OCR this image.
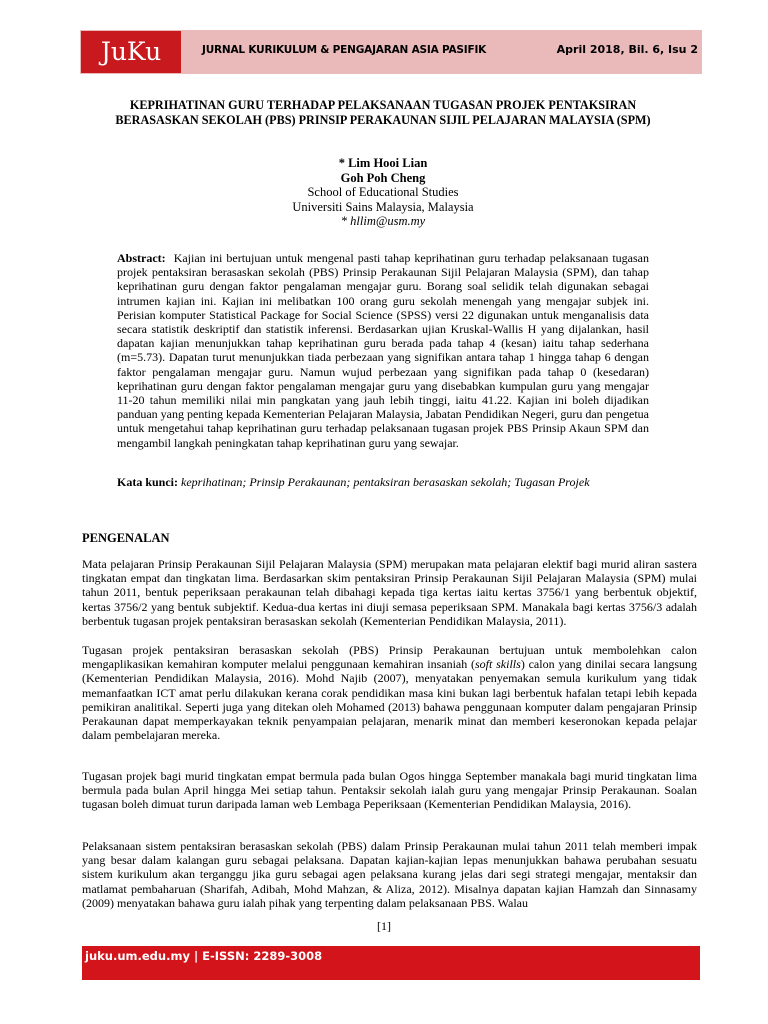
JuKu	JURNAL KURIKULUM & PENGAJARAN ASIA PASIFIK	April 2018, Bil. 6, Isu 2
KEPRIHATINAN GURU TERHADAP PELAKSANAAN TUGASAN PROJEK PENTAKSIRAN BERASASKAN SEKOLAH (PBS) PRINSIP PERAKAUNAN SIJIL PELAJARAN MALAYSIA (SPM)
* Lim Hooi Lian
Goh Poh Cheng
School of Educational Studies
Universiti Sains Malaysia, Malaysia
* hllim@usm.my
Abstract: Kajian ini bertujuan untuk mengenal pasti tahap keprihatinan guru terhadap pelaksanaan tugasan projek pentaksiran berasaskan sekolah (PBS) Prinsip Perakaunan Sijil Pelajaran Malaysia (SPM), dan tahap keprihatinan guru dengan faktor pengalaman mengajar guru. Borang soal selidik telah digunakan sebagai intrumen kajian ini. Kajian ini melibatkan 100 orang guru sekolah menengah yang mengajar subjek ini. Perisian komputer Statistical Package for Social Science (SPSS) versi 22 digunakan untuk menganalisis data secara statistik deskriptif dan statistik inferensi. Berdasarkan ujian Kruskal-Wallis H yang dijalankan, hasil dapatan kajian menunjukkan tahap keprihatinan guru berada pada tahap 4 (kesan) iaitu tahap sederhana (m=5.73). Dapatan turut menunjukkan tiada perbezaan yang signifikan antara tahap 1 hingga tahap 6 dengan faktor pengalaman mengajar guru. Namun wujud perbezaan yang signifikan pada tahap 0 (kesedaran) keprihatinan guru dengan faktor pengalaman mengajar guru yang disebabkan kumpulan guru yang mengajar 11-20 tahun memiliki nilai min pangkatan yang jauh lebih tinggi, iaitu 41.22. Kajian ini boleh dijadikan panduan yang penting kepada Kementerian Pelajaran Malaysia, Jabatan Pendidikan Negeri, guru dan pengetua untuk mengetahui tahap keprihatinan guru terhadap pelaksanaan tugasan projek PBS Prinsip Akaun SPM dan mengambil langkah peningkatan tahap keprihatinan guru yang sewajar.
Kata kunci: keprihatinan; Prinsip Perakaunan; pentaksiran berasaskan sekolah; Tugasan Projek
PENGENALAN
Mata pelajaran Prinsip Perakaunan Sijil Pelajaran Malaysia (SPM) merupakan mata pelajaran elektif bagi murid aliran sastera tingkatan empat dan tingkatan lima. Berdasarkan skim pentaksiran Prinsip Perakaunan Sijil Pelajaran Malaysia (SPM) mulai tahun 2011, bentuk peperiksaan perakaunan telah dibahagi kepada tiga kertas iaitu kertas 3756/1 yang berbentuk objektif, kertas 3756/2 yang bentuk subjektif. Kedua-dua kertas ini diuji semasa peperiksaan SPM. Manakala bagi kertas 3756/3 adalah berbentuk tugasan projek pentaksiran berasaskan sekolah (Kementerian Pendidikan Malaysia, 2011).
Tugasan projek pentaksiran berasaskan sekolah (PBS) Prinsip Perakaunan bertujuan untuk membolehkan calon mengaplikasikan kemahiran komputer melalui penggunaan kemahiran insaniah (soft skills) calon yang dinilai secara langsung (Kementerian Pendidikan Malaysia, 2016). Mohd Najib (2007), menyatakan penyemakan semula kurikulum yang tidak memanfaatkan ICT amat perlu dilakukan kerana corak pendidikan masa kini bukan lagi berbentuk hafalan tetapi lebih kepada pemikiran analitikal. Seperti juga yang ditekan oleh Mohamed (2013) bahawa penggunaan komputer dalam pengajaran Prinsip Perakaunan dapat memperkayakan teknik penyampaian pelajaran, menarik minat dan memberi keseronokan kepada pelajar dalam pembelajaran mereka.
Tugasan projek bagi murid tingkatan empat bermula pada bulan Ogos hingga September manakala bagi murid tingkatan lima bermula pada bulan April hingga Mei setiap tahun. Pentaksir sekolah ialah guru yang mengajar Prinsip Perakaunan. Soalan tugasan boleh dimuat turun daripada laman web Lembaga Peperiksaan (Kementerian Pendidikan Malaysia, 2016).
Pelaksanaan sistem pentaksiran berasaskan sekolah (PBS) dalam Prinsip Perakaunan mulai tahun 2011 telah memberi impak yang besar dalam kalangan guru sebagai pelaksana. Dapatan kajian-kajian lepas menunjukkan bahawa perubahan sesuatu sistem kurikulum akan terganggu jika guru sebagai agen pelaksana kurang jelas dari segi strategi mengajar, mentaksir dan matlamat pembaharuan (Sharifah, Adibah, Mohd Mahzan, & Aliza, 2012). Misalnya dapatan kajian Hamzah dan Sinnasamy (2009) menyatakan bahawa guru ialah pihak yang terpenting dalam pelaksanaan PBS. Walau
[1]
juku.um.edu.my | E-ISSN: 2289-3008
